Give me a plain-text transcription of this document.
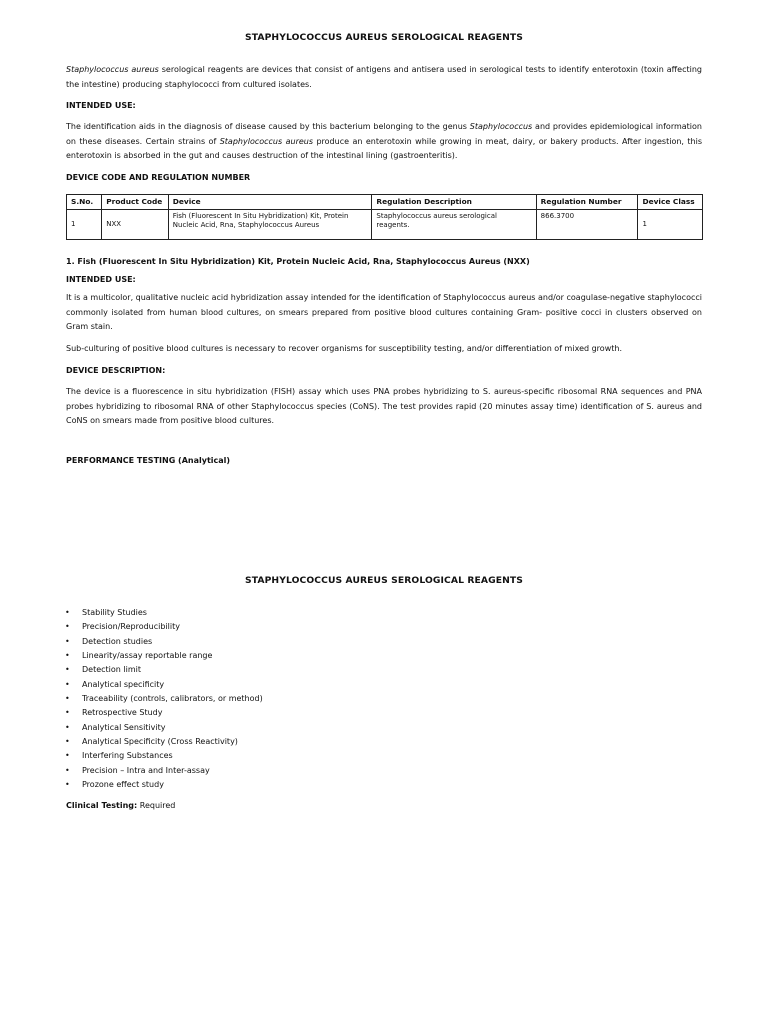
STAPHYLOCOCCUS AUREUS SEROLOGICAL REAGENTS
Staphylococcus aureus serological reagents are devices that consist of antigens and antisera used in serological tests to identify enterotoxin (toxin affecting the intestine) producing staphylococci from cultured isolates.
INTENDED USE:
The identification aids in the diagnosis of disease caused by this bacterium belonging to the genus Staphylococcus and provides epidemiological information on these diseases. Certain strains of Staphylococcus aureus produce an enterotoxin while growing in meat, dairy, or bakery products. After ingestion, this enterotoxin is absorbed in the gut and causes destruction of the intestinal lining (gastroenteritis).
DEVICE CODE AND REGULATION NUMBER
S.No.	Product Code	Device	Regulation Description	Regulation Number	Device Class
1	NXX	Fish (Fluorescent In Situ Hybridization) Kit, Protein Nucleic Acid, Rna, Staphylococcus Aureus	Staphylococcus aureus serological reagents.	866.3700	1
1. Fish (Fluorescent In Situ Hybridization) Kit, Protein Nucleic Acid, Rna, Staphylococcus Aureus (NXX)
INTENDED USE:
It is a multicolor, qualitative nucleic acid hybridization assay intended for the identification of Staphylococcus aureus and/or coagulase-negative staphylococci commonly isolated from human blood cultures, on smears prepared from positive blood cultures containing Gram- positive cocci in clusters observed on Gram stain.
Sub-culturing of positive blood cultures is necessary to recover organisms for susceptibility testing, and/or differentiation of mixed growth.
DEVICE DESCRIPTION:
The device is a fluorescence in situ hybridization (FISH) assay which uses PNA probes hybridizing to S. aureus-specific ribosomal RNA sequences and PNA probes hybridizing to ribosomal RNA of other Staphylococcus species (CoNS). The test provides rapid (20 minutes assay time) identification of S. aureus and CoNS on smears made from positive blood cultures.
PERFORMANCE TESTING (Analytical)
STAPHYLOCOCCUS AUREUS SEROLOGICAL REAGENTS
• Stability Studies
• Precision/Reproducibility
• Detection studies
• Linearity/assay reportable range
• Detection limit
• Analytical specificity
• Traceability (controls, calibrators, or method)
• Retrospective Study
• Analytical Sensitivity
• Analytical Specificity (Cross Reactivity)
• Interfering Substances
• Precision – Intra and Inter-assay
• Prozone effect study
Clinical Testing: Required
